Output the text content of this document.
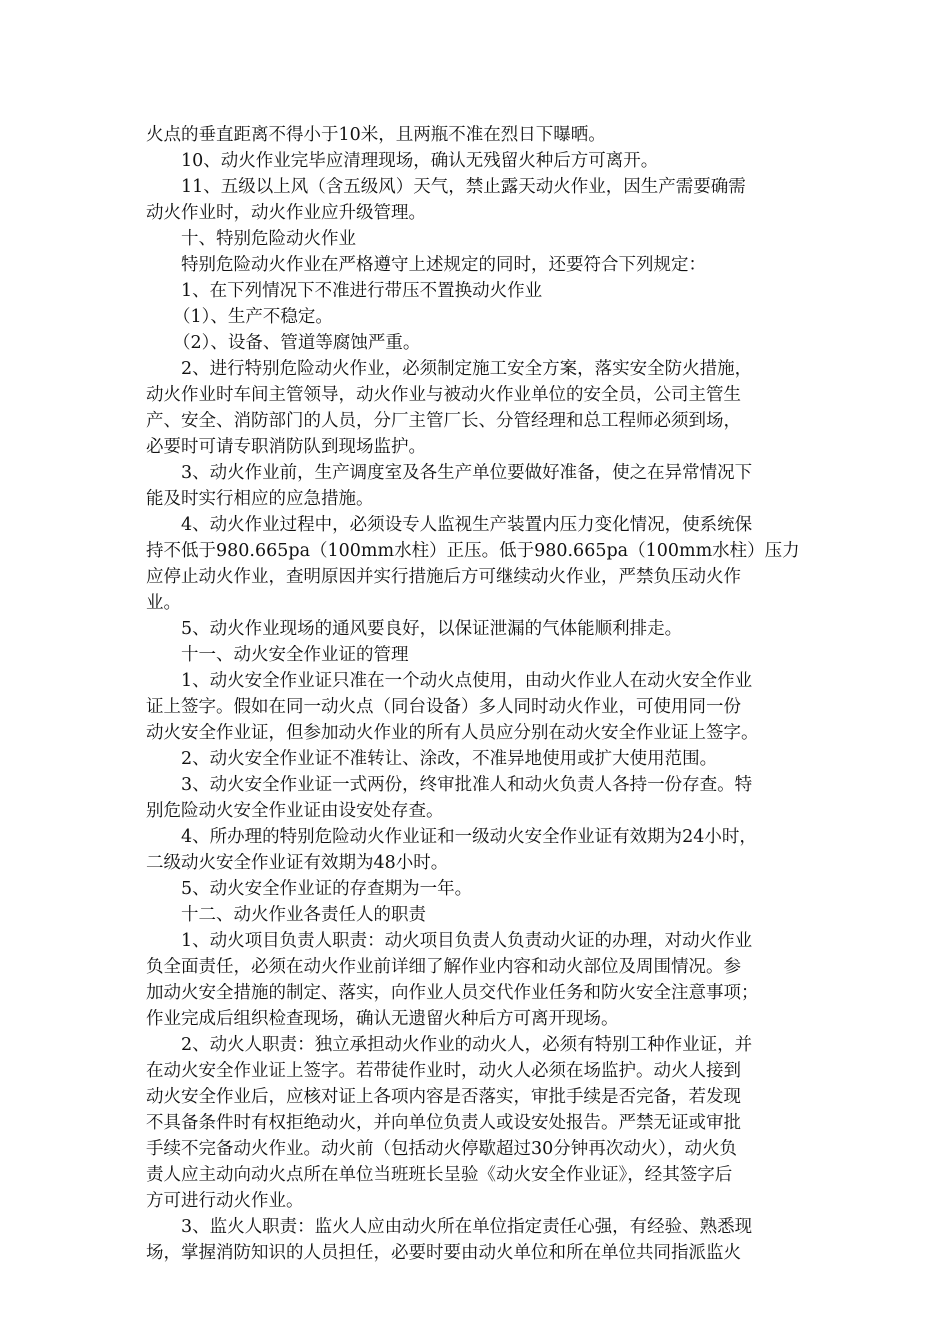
火点的垂直距离不得小于10米，且两瓶不准在烈日下曝晒。
10、动火作业完毕应清理现场，确认无残留火种后方可离开。
11、五级以上风（含五级风）天气，禁止露天动火作业，因生产需要确需
动火作业时，动火作业应升级管理。
十、特别危险动火作业
特别危险动火作业在严格遵守上述规定的同时，还要符合下列规定：
1、在下列情况下不准进行带压不置换动火作业
（1）、生产不稳定。
（2）、设备、管道等腐蚀严重。
2、进行特别危险动火作业，必须制定施工安全方案，落实安全防火措施，
动火作业时车间主管领导，动火作业与被动火作业单位的安全员，公司主管生
产、安全、消防部门的人员，分厂主管厂长、分管经理和总工程师必须到场，
必要时可请专职消防队到现场监护。
3、动火作业前，生产调度室及各生产单位要做好准备，使之在异常情况下
能及时实行相应的应急措施。
4、动火作业过程中，必须设专人监视生产装置内压力变化情况，使系统保
持不低于980.665pa（100mm水柱）正压。低于980.665pa（100mm水柱）压力
应停止动火作业，查明原因并实行措施后方可继续动火作业，严禁负压动火作
业。
5、动火作业现场的通风要良好，以保证泄漏的气体能顺利排走。
十一、动火安全作业证的管理
1、动火安全作业证只准在一个动火点使用，由动火作业人在动火安全作业
证上签字。假如在同一动火点（同台设备）多人同时动火作业，可使用同一份
动火安全作业证，但参加动火作业的所有人员应分别在动火安全作业证上签字。
2、动火安全作业证不准转让、涂改，不准异地使用或扩大使用范围。
3、动火安全作业证一式两份，终审批准人和动火负责人各持一份存查。特
别危险动火安全作业证由设安处存查。
4、所办理的特别危险动火作业证和一级动火安全作业证有效期为24小时，
二级动火安全作业证有效期为48小时。
5、动火安全作业证的存查期为一年。
十二、动火作业各责任人的职责
1、动火项目负责人职责：动火项目负责人负责动火证的办理，对动火作业
负全面责任，必须在动火作业前详细了解作业内容和动火部位及周围情况。参
加动火安全措施的制定、落实，向作业人员交代作业任务和防火安全注意事项；
作业完成后组织检查现场，确认无遗留火种后方可离开现场。
2、动火人职责：独立承担动火作业的动火人，必须有特别工种作业证，并
在动火安全作业证上签字。若带徒作业时，动火人必须在场监护。动火人接到
动火安全作业后，应核对证上各项内容是否落实，审批手续是否完备，若发现
不具备条件时有权拒绝动火，并向单位负责人或设安处报告。严禁无证或审批
手续不完备动火作业。动火前（包括动火停歇超过30分钟再次动火），动火负
责人应主动向动火点所在单位当班班长呈验《动火安全作业证》，经其签字后
方可进行动火作业。
3、监火人职责：监火人应由动火所在单位指定责任心强，有经验、熟悉现
场，掌握消防知识的人员担任，必要时要由动火单位和所在单位共同指派监火
